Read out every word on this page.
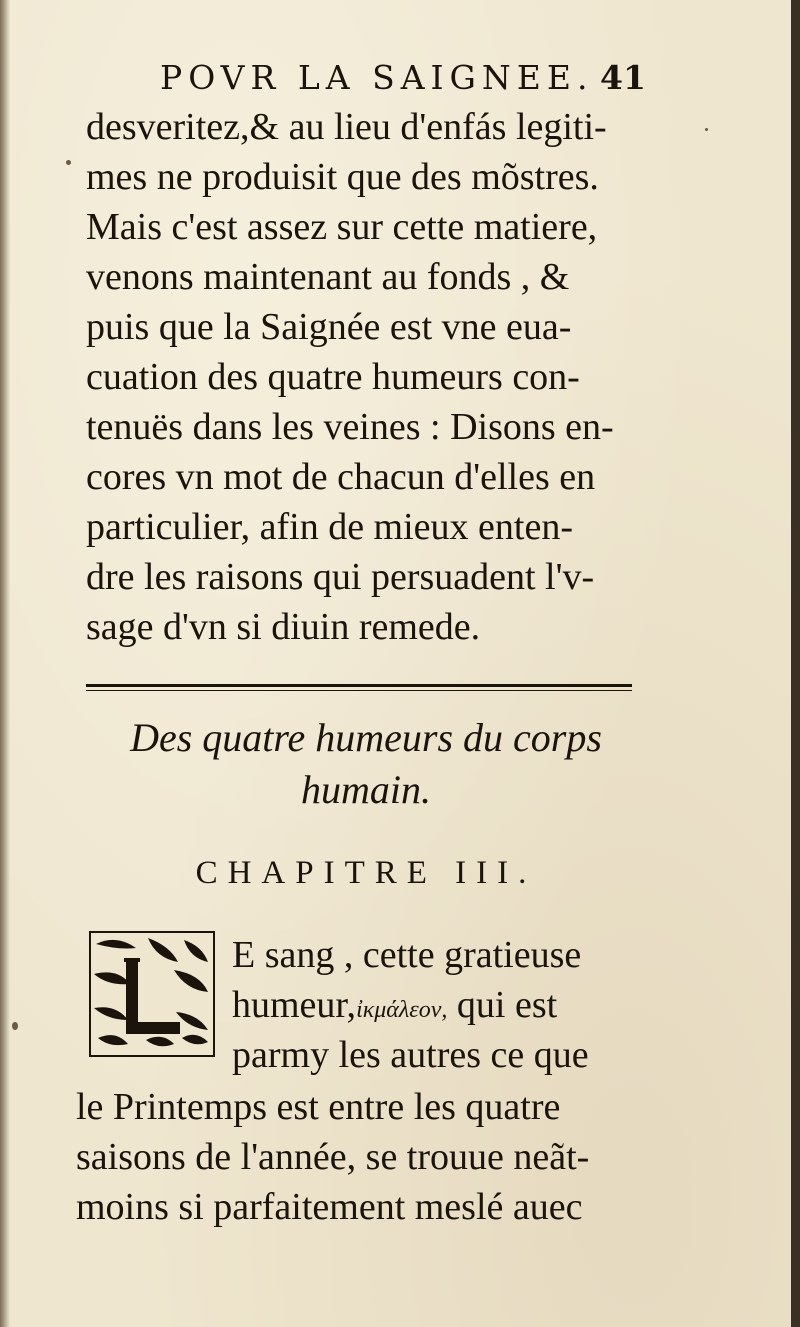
POVR LA SAIGNEE. 41
desveritez,& au lieu d'enfás legiti-
mes ne produisit que des mõstres.
Mais c'est assez sur cette matiere,
venons maintenant au fonds , &
puis que la Saignée est vne eua-
cuation des quatre humeurs con-
tenuës dans les veines : Disons en-
cores vn mot de chacun d'elles en
particulier, afin de mieux enten-
dre les raisons qui persuadent l'v-
sage d'vn si diuin remede.
Des quatre humeurs du corps
humain.
CHAPITRE III.
E sang , cette gratieuse
humeur,ἰκμάλεον, qui est
parmy les autres ce que
le Printemps est entre les quatre
saisons de l'année, se trouue neãt-
moins si parfaitement meslé auec
